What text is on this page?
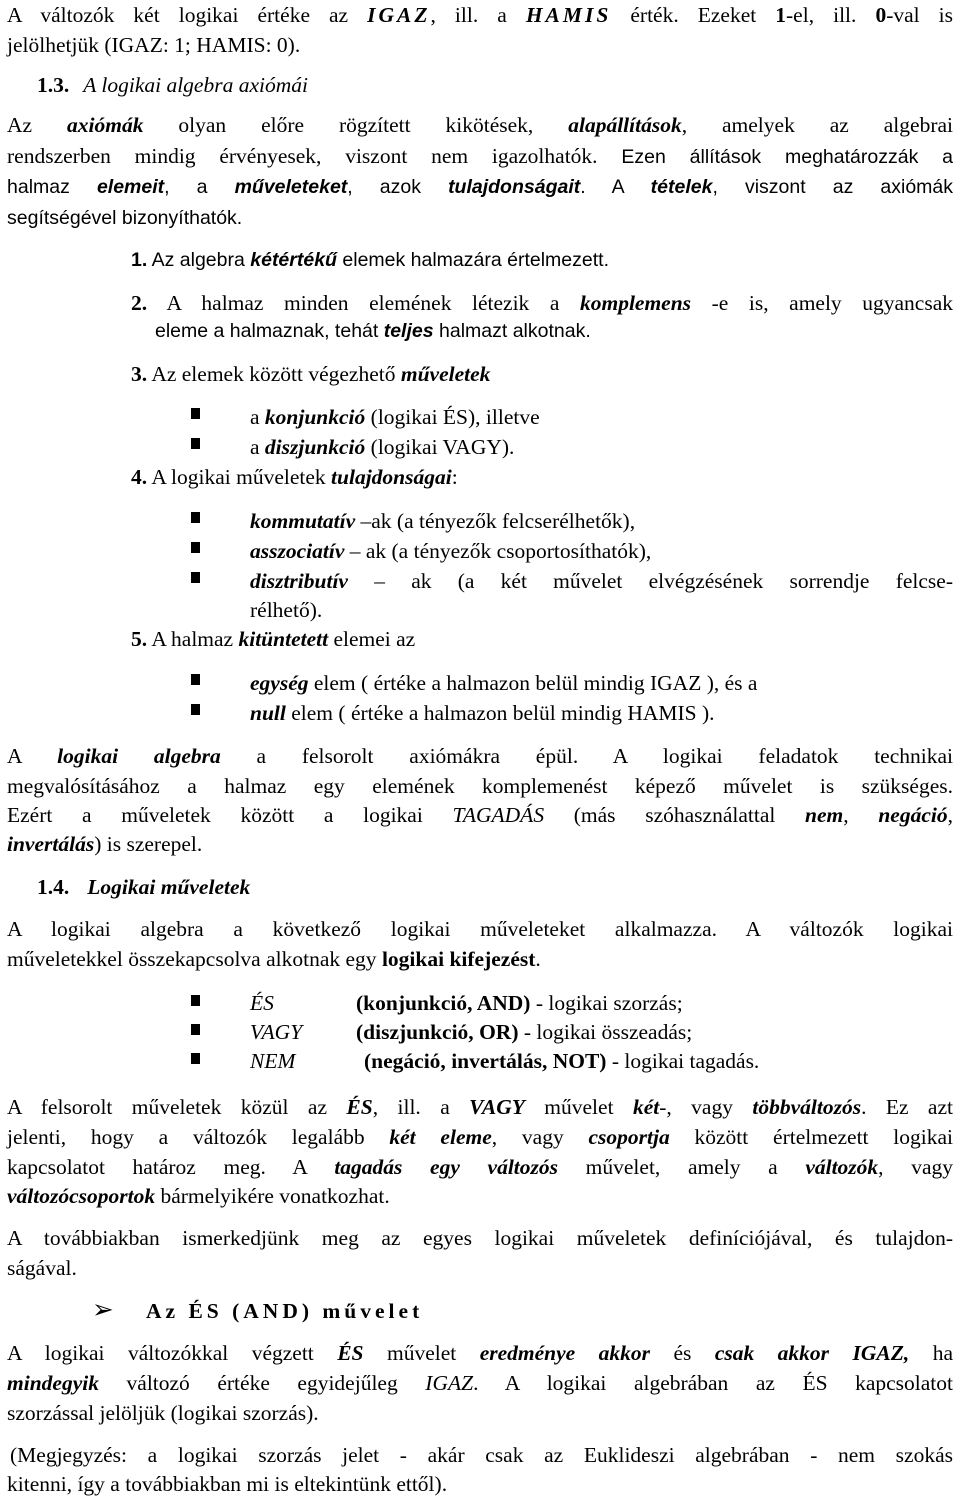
A változók két logikai értéke az IGAZ, ill. a HAMIS érték. Ezeket 1-el, ill. 0-val is
jelölhetjük (IGAZ: 1; HAMIS: 0).
1.3. A logikai algebra axiómái
Az axiómák olyan előre rögzített kikötések, alapállítások, amelyek az algebrai
rendszerben mindig érvényesek, viszont nem igazolhatók. Ezen állítások meghatározzák a
halmaz elemeit, a műveleteket, azok tulajdonságait. A tételek, viszont az axiómák
segítségével bizonyíthatók.
1. Az algebra kétértékű elemek halmazára értelmezett.
2. A halmaz minden elemének létezik a komplemens -e is, amely ugyancsak
eleme a halmaznak, tehát teljes halmazt alkotnak.
3. Az elemek között végezhető műveletek
a konjunkció (logikai ÉS), illetve
a diszjunkció (logikai VAGY).
4. A logikai műveletek tulajdonságai:
kommutatív –ak (a tényezők felcserélhetők),
asszociatív – ak (a tényezők csoportosíthatók),
disztributív – ak (a két művelet elvégzésének sorrendje felcse-
rélhető).
5. A halmaz kitüntetett elemei az
egység elem ( értéke a halmazon belül mindig IGAZ ), és a
null elem ( értéke a halmazon belül mindig HAMIS ).
A logikai algebra a felsorolt axiómákra épül. A logikai feladatok technikai
megvalósításához a halmaz egy elemének komplemenést képező művelet is szükséges.
Ezért a műveletek között a logikai TAGADÁS (más szóhasználattal nem, negáció,
invertálás) is szerepel.
1.4. Logikai műveletek
A logikai algebra a következő logikai műveleteket alkalmazza. A változók logikai
műveletekkel összekapcsolva alkotnak egy logikai kifejezést.
ÉS	(konjunkció, AND) - logikai szorzás;
VAGY	(diszjunkció, OR) - logikai összeadás;
NEM	(negáció, invertálás, NOT) - logikai tagadás.
A felsorolt műveletek közül az ÉS, ill. a VAGY művelet két-, vagy többváltozós. Ez azt
jelenti, hogy a változók legalább két eleme, vagy csoportja között értelmezett logikai
kapcsolatot határoz meg. A tagadás egy változós művelet, amely a változók, vagy
változócsoportok bármelyikére vonatkozhat.
A továbbiakban ismerkedjünk meg az egyes logikai műveletek definíciójával, és tulajdon-
ságával.
➢ Az ÉS (AND) művelet
A logikai változókkal végzett ÉS művelet eredménye akkor és csak akkor IGAZ, ha
mindegyik változó értéke egyidejűleg IGAZ. A logikai algebrában az ÉS kapcsolatot
szorzással jelöljük (logikai szorzás).
(Megjegyzés: a logikai szorzás jelet - akár csak az Euklideszi algebrában - nem szokás
kitenni, így a továbbiakban mi is eltekintünk ettől).
